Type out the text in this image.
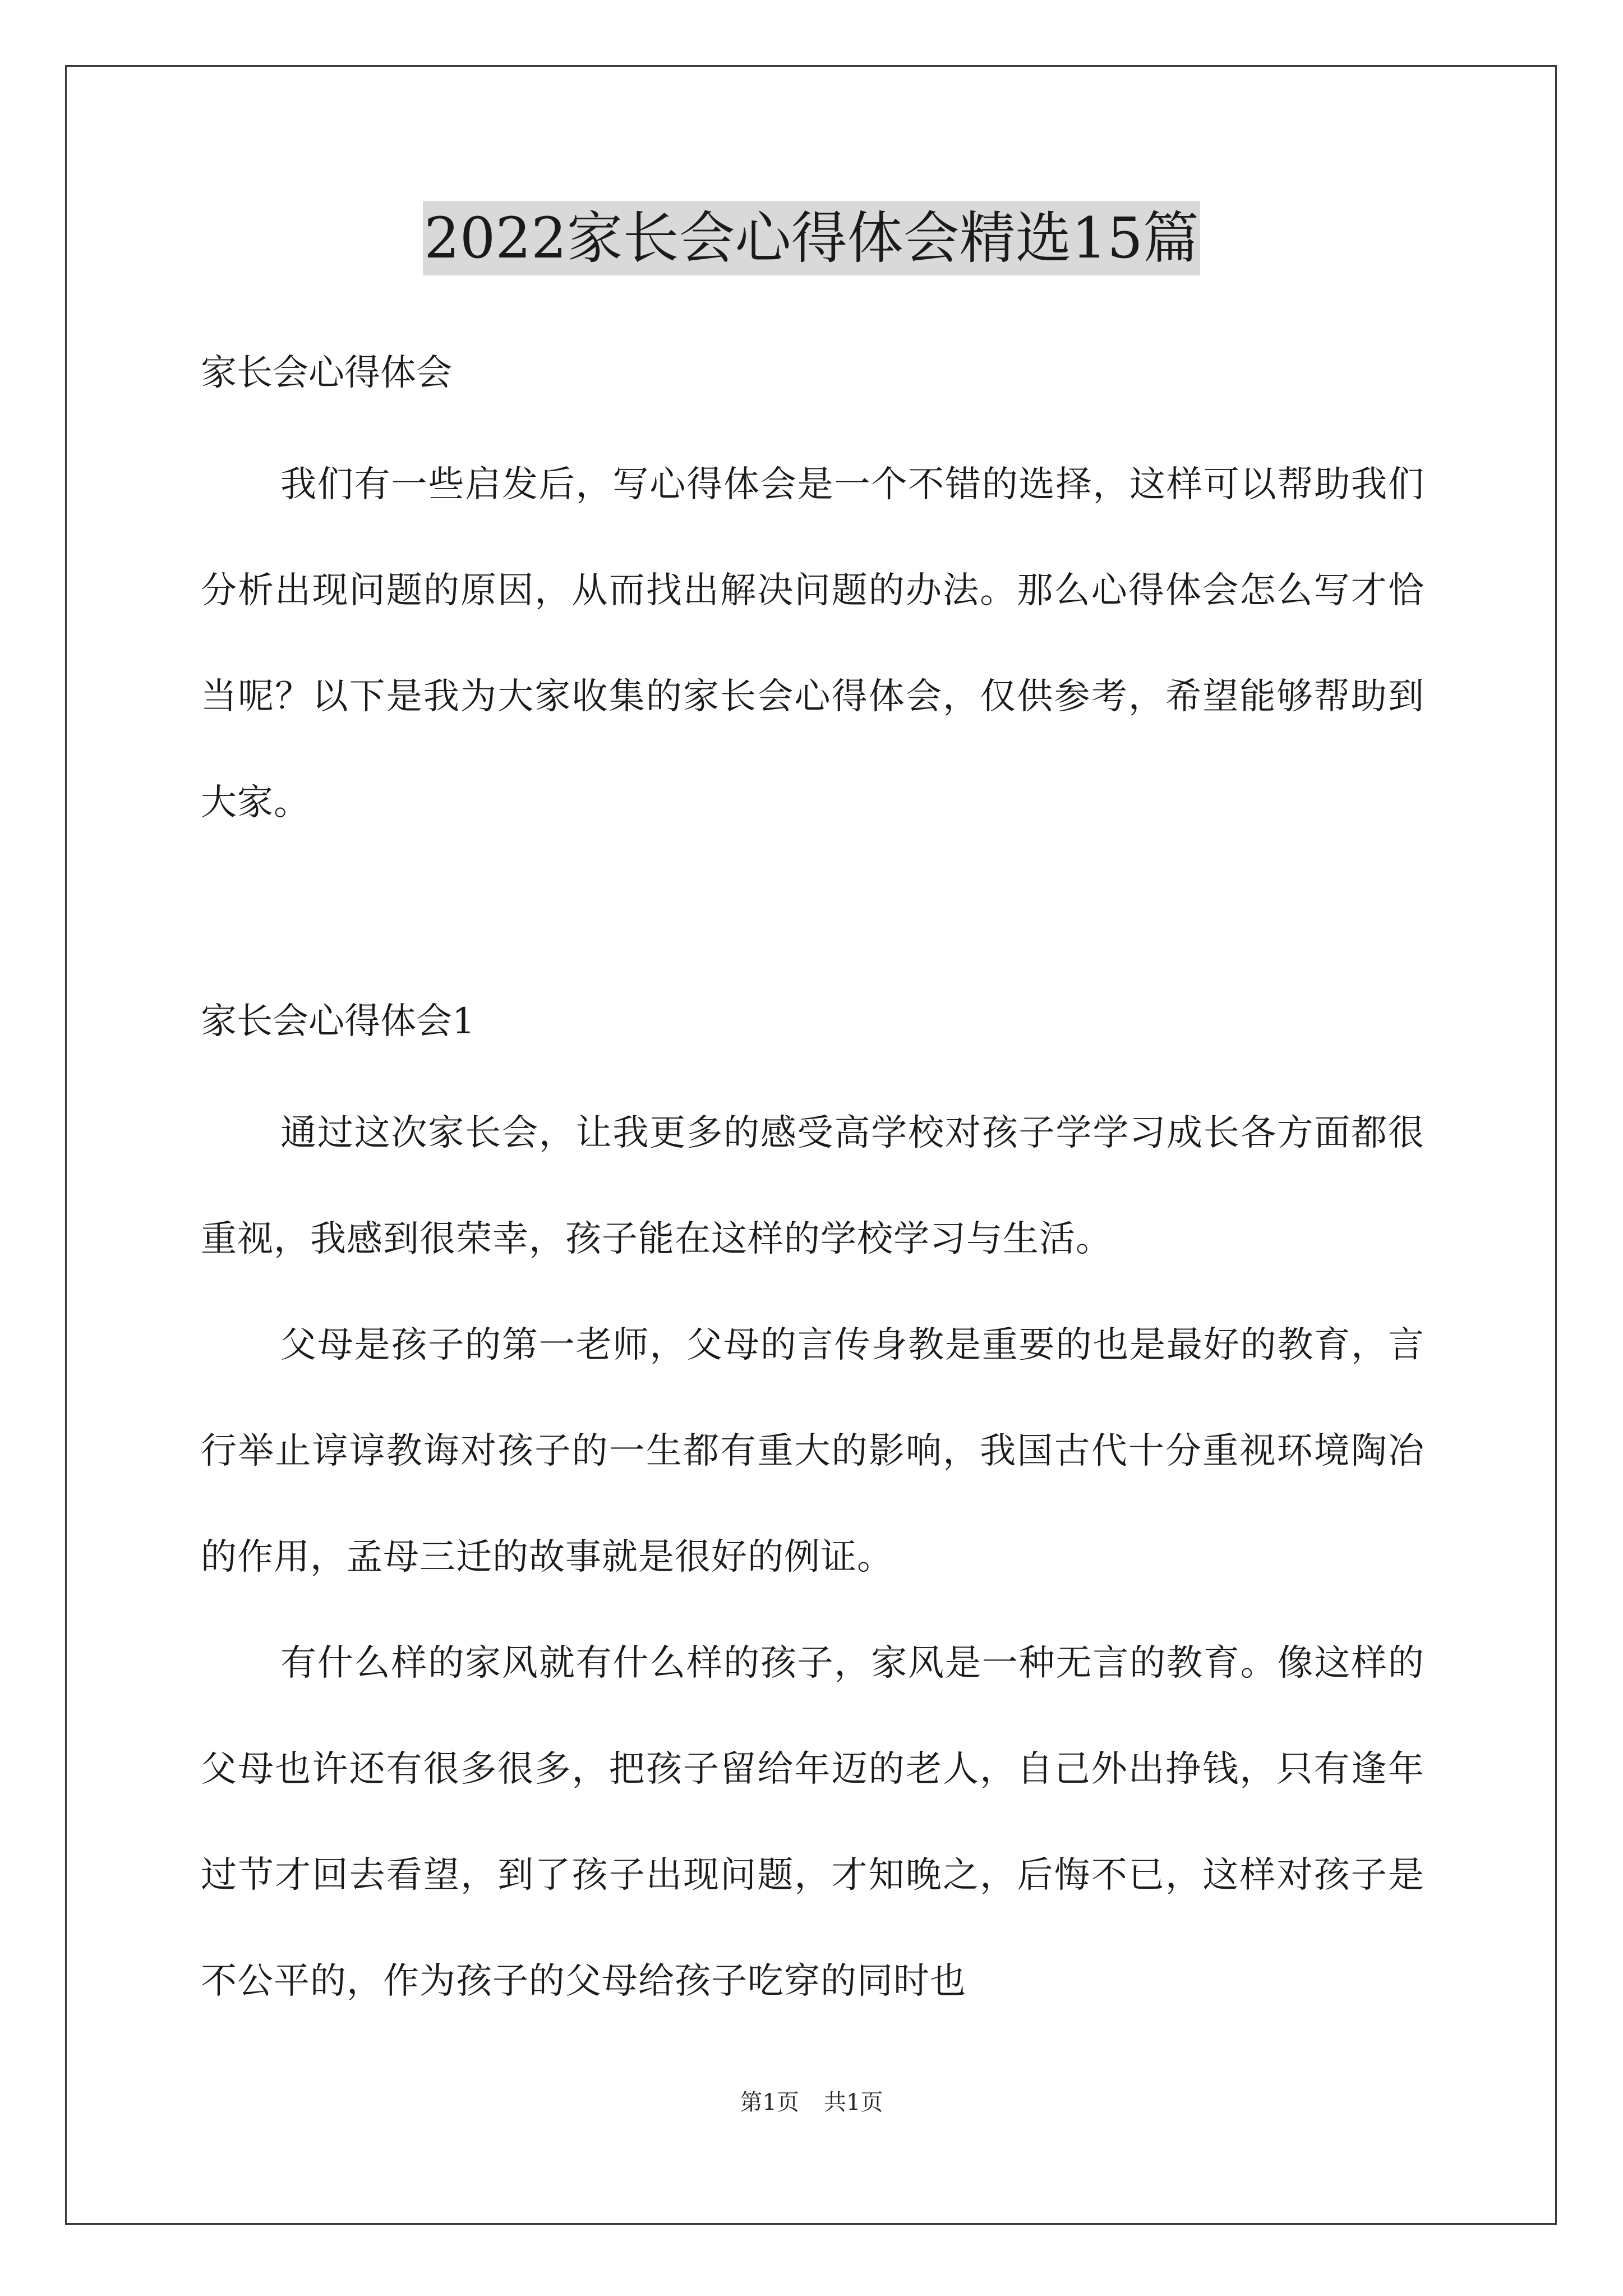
2022家长会心得体会精选15篇
家长会心得体会

我们有一些启发后，写心得体会是一个不错的选择，这样可以帮助我们分析出现问题的原因，从而找出解决问题的办法。那么心得体会怎么写才恰当呢？以下是我为大家收集的家长会心得体会，仅供参考，希望能够帮助到大家。

家长会心得体会1

通过这次家长会，让我更多的感受高学校对孩子学学习成长各方面都很重视，我感到很荣幸，孩子能在这样的学校学习与生活。

父母是孩子的第一老师，父母的言传身教是重要的也是最好的教育，言行举止谆谆教诲对孩子的一生都有重大的影响，我国古代十分重视环境陶冶的作用，孟母三迁的故事就是很好的例证。

有什么样的家风就有什么样的孩子，家风是一种无言的教育。像这样的父母也许还有很多很多，把孩子留给年迈的老人，自己外出挣钱，只有逢年过节才回去看望，到了孩子出现问题，才知晚之，后悔不已，这样对孩子是不公平的，作为孩子的父母给孩子吃穿的同时也

第1页 共1页
